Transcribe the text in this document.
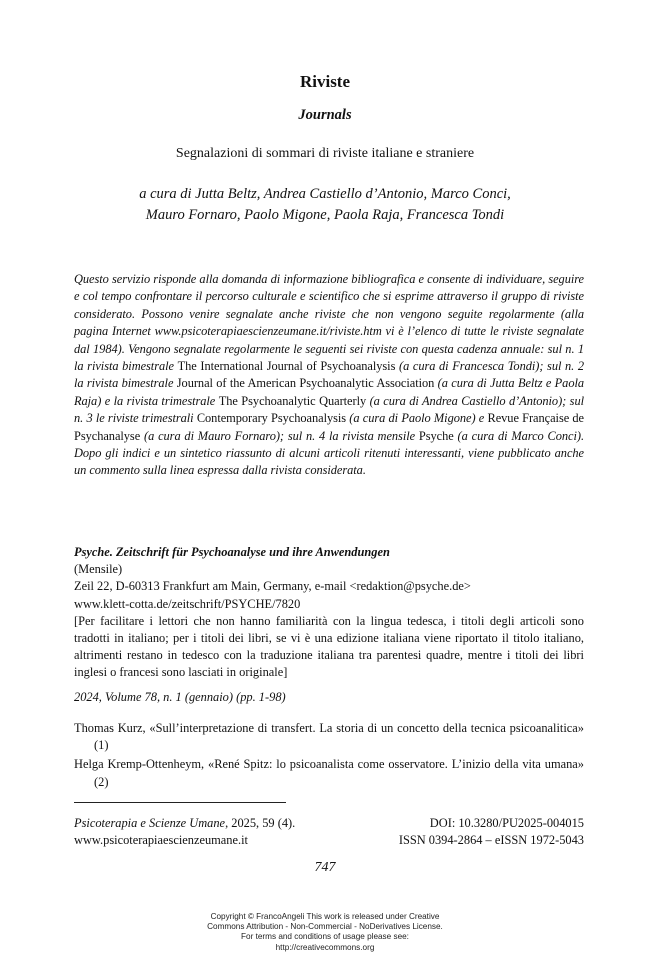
Riviste
Journals
Segnalazioni di sommari di riviste italiane e straniere
a cura di Jutta Beltz, Andrea Castiello d’Antonio, Marco Conci,
Mauro Fornaro, Paolo Migone, Paola Raja, Francesca Tondi
Questo servizio risponde alla domanda di informazione bibliografica e consente di individuare, seguire e col tempo confrontare il percorso culturale e scientifico che si esprime attraverso il gruppo di riviste considerato. Possono venire segnalate anche riviste che non vengono seguite regolarmente (alla pagina Internet www.psicoterapiaescienzeumane.it/riviste.htm vi è l’elenco di tutte le riviste segnalate dal 1984). Vengono segnalate regolarmente le seguenti sei riviste con questa cadenza annuale: sul n. 1 la rivista bimestrale The International Journal of Psychoanalysis (a cura di Francesca Tondi); sul n. 2 la rivista bimestrale Journal of the American Psychoanalytic Association (a cura di Jutta Beltz e Paola Raja) e la rivista trimestrale The Psychoanalytic Quarterly (a cura di Andrea Castiello d’Antonio); sul n. 3 le riviste trimestrali Contemporary Psychoanalysis (a cura di Paolo Migone) e Revue Française de Psychanalyse (a cura di Mauro Fornaro); sul n. 4 la rivista mensile Psyche (a cura di Marco Conci). Dopo gli indici e un sintetico riassunto di alcuni articoli ritenuti interessanti, viene pubblicato anche un commento sulla linea espressa dalla rivista considerata.
Psyche. Zeitschrift für Psychoanalyse und ihre Anwendungen
(Mensile)
Zeil 22, D-60313 Frankfurt am Main, Germany, e-mail <redaktion@psyche.de>
www.klett-cotta.de/zeitschrift/PSYCHE/7820
[Per facilitare i lettori che non hanno familiarità con la lingua tedesca, i titoli degli articoli sono tradotti in italiano; per i titoli dei libri, se vi è una edizione italiana viene riportato il titolo italiano, altrimenti restano in tedesco con la traduzione italiana tra parentesi quadre, mentre i titoli dei libri inglesi o francesi sono lasciati in originale]
2024, Volume 78, n. 1 (gennaio) (pp. 1-98)
Thomas Kurz, «Sull’interpretazione di transfert. La storia di un concetto della tecnica psicoanalitica» (1)
Helga Kremp-Ottenheym, «René Spitz: lo psicoanalista come osservatore. L’inizio della vita umana» (2)
Psicoterapia e Scienze Umane, 2025, 59 (4).	DOI: 10.3280/PU2025-004015
www.psicoterapiaescienzeumane.it	ISSN 0394-2864 – eISSN 1972-5043
747
Copyright © FrancoAngeli This work is released under Creative
Commons Attribution - Non-Commercial - NoDerivatives License.
For terms and conditions of usage please see:
http://creativecommons.org
